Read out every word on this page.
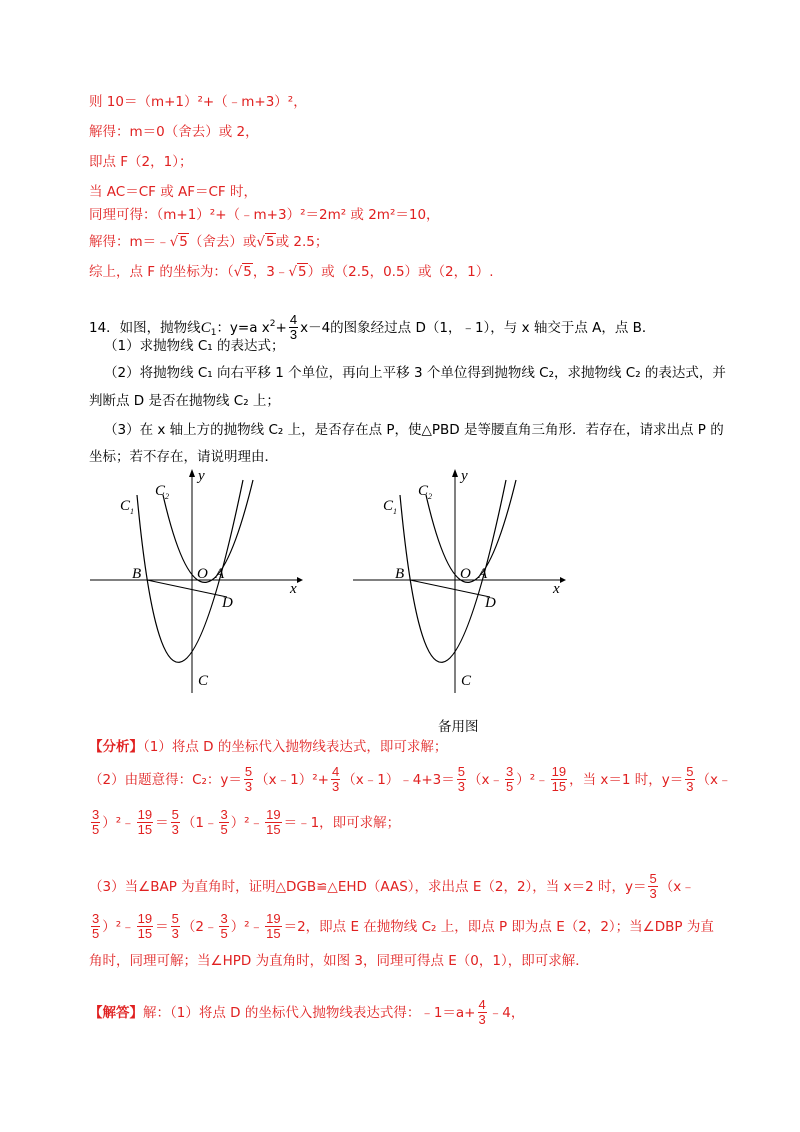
则 10＝（m+1）²+（﹣m+3）²，
解得：m＝0（舍去）或 2，
即点 F（2，1）；
当 AC＝CF 或 AF＝CF 时，
同理可得：（m+1）²+（﹣m+3）²＝2m² 或 2m²＝10，
解得：m＝﹣√5（舍去）或√5或 2.5；
综上，点 F 的坐标为：（√5，3﹣√5）或（2.5，0.5）或（2，1）.
14．如图，抛物线$C_1$：y=a $x^2+ \frac{4}{3} x-4$的图象经过点 D（1，﹣1），与 x 轴交于点 A，点 B．
（1）求抛物线 C₁ 的表达式；
（2）将抛物线 C₁ 向右平移 1 个单位，再向上平移 3 个单位得到抛物线 C₂，求抛物线 C₂ 的表达式，并
判断点 D 是否在抛物线 C₂ 上；
（3）在 x 轴上方的抛物线 C₂ 上，是否存在点 P，使△PBD 是等腰直角三角形．若存在，请求出点 P 的
坐标；若不存在，请说明理由．
x
y
$C_1$
$C_2$
B	O A
D
C
x
y
$C_1$
$C_2$
B	O A
D
C
备用图
【分析】（1）将点 D 的坐标代入抛物线表达式，即可求解；
（2）由题意得：C₂：$y= \frac{5}{3}$ （x﹣1）²+ $\frac{4}{3}$ （x﹣1）﹣4+3＝ $\frac{5}{3}$ （x﹣ $\frac{3}{5}$ ）²﹣ $\frac{19}{15}$ ，当 x＝1 时，$y= \frac{5}{3}$ （x﹣
$\frac{3}{5}$ ）²﹣ $\frac{19}{15} = \frac{5}{3}$ （1﹣ $\frac{3}{5}$ ）²﹣ $\frac{19}{15}$ ＝﹣1，即可求解；
（3）当∠BAP 为直角时，证明△DGB≌△EHD（AAS），求出点 E（2，2），当 x＝2 时，$y= \frac{5}{3}$ （x﹣
$\frac{3}{5}$ ）²﹣ $\frac{19}{15} = \frac{5}{3}$ （2﹣ $\frac{3}{5}$ ）²﹣ $\frac{19}{15} =2$，即点 E 在抛物线 C₂ 上，即点 P 即为点 E（2，2）；当∠DBP 为直
角时，同理可解；当∠HPD 为直角时，如图 3，同理可得点 E（0，1），即可求解．
【解答】解：（1）将点 D 的坐标代入抛物线表达式得：﹣1＝a+ $\frac{4}{3}$ ﹣4，
